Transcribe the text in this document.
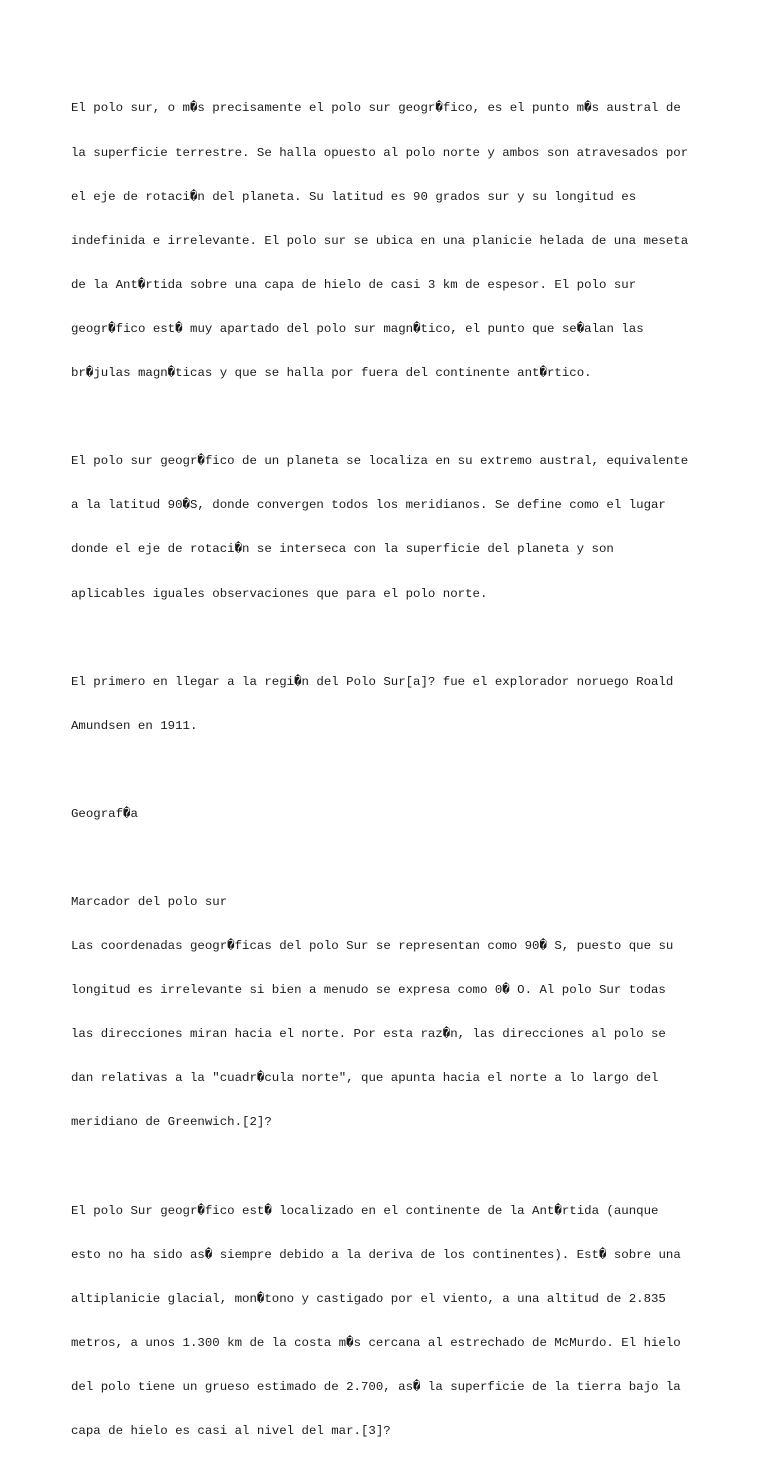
El polo sur, o m�s precisamente el polo sur geogr�fico, es el punto m�s austral de

la superficie terrestre. Se halla opuesto al polo norte y ambos son atravesados por

el eje de rotaci�n del planeta. Su latitud es 90 grados sur y su longitud es

indefinida e irrelevante. El polo sur se ubica en una planicie helada de una meseta

de la Ant�rtida sobre una capa de hielo de casi 3 km de espesor. El polo sur

geogr�fico est� muy apartado del polo sur magn�tico, el punto que se�alan las

br�julas magn�ticas y que se halla por fuera del continente ant�rtico.

El polo sur geogr�fico de un planeta se localiza en su extremo austral, equivalente

a la latitud 90�S, donde convergen todos los meridianos. Se define como el lugar

donde el eje de rotaci�n se interseca con la superficie del planeta y son

aplicables iguales observaciones que para el polo norte.

El primero en llegar a la regi�n del Polo Sur[a]? fue el explorador noruego Roald

Amundsen en 1911.

Geograf�a

Marcador del polo sur

Las coordenadas geogr�ficas del polo Sur se representan como 90� S, puesto que su

longitud es irrelevante si bien a menudo se expresa como 0� O. Al polo Sur todas

las direcciones miran hacia el norte. Por esta raz�n, las direcciones al polo se

dan relativas a la "cuadr�cula norte", que apunta hacia el norte a lo largo del

meridiano de Greenwich.[2]?

El polo Sur geogr�fico est� localizado en el continente de la Ant�rtida (aunque

esto no ha sido as� siempre debido a la deriva de los continentes). Est� sobre una

altiplanicie glacial, mon�tono y castigado por el viento, a una altitud de 2.835

metros, a unos 1.300 km de la costa m�s cercana al estrechado de McMurdo. El hielo

del polo tiene un grueso estimado de 2.700, as� la superficie de la tierra bajo la

capa de hielo es casi al nivel del mar.[3]?
